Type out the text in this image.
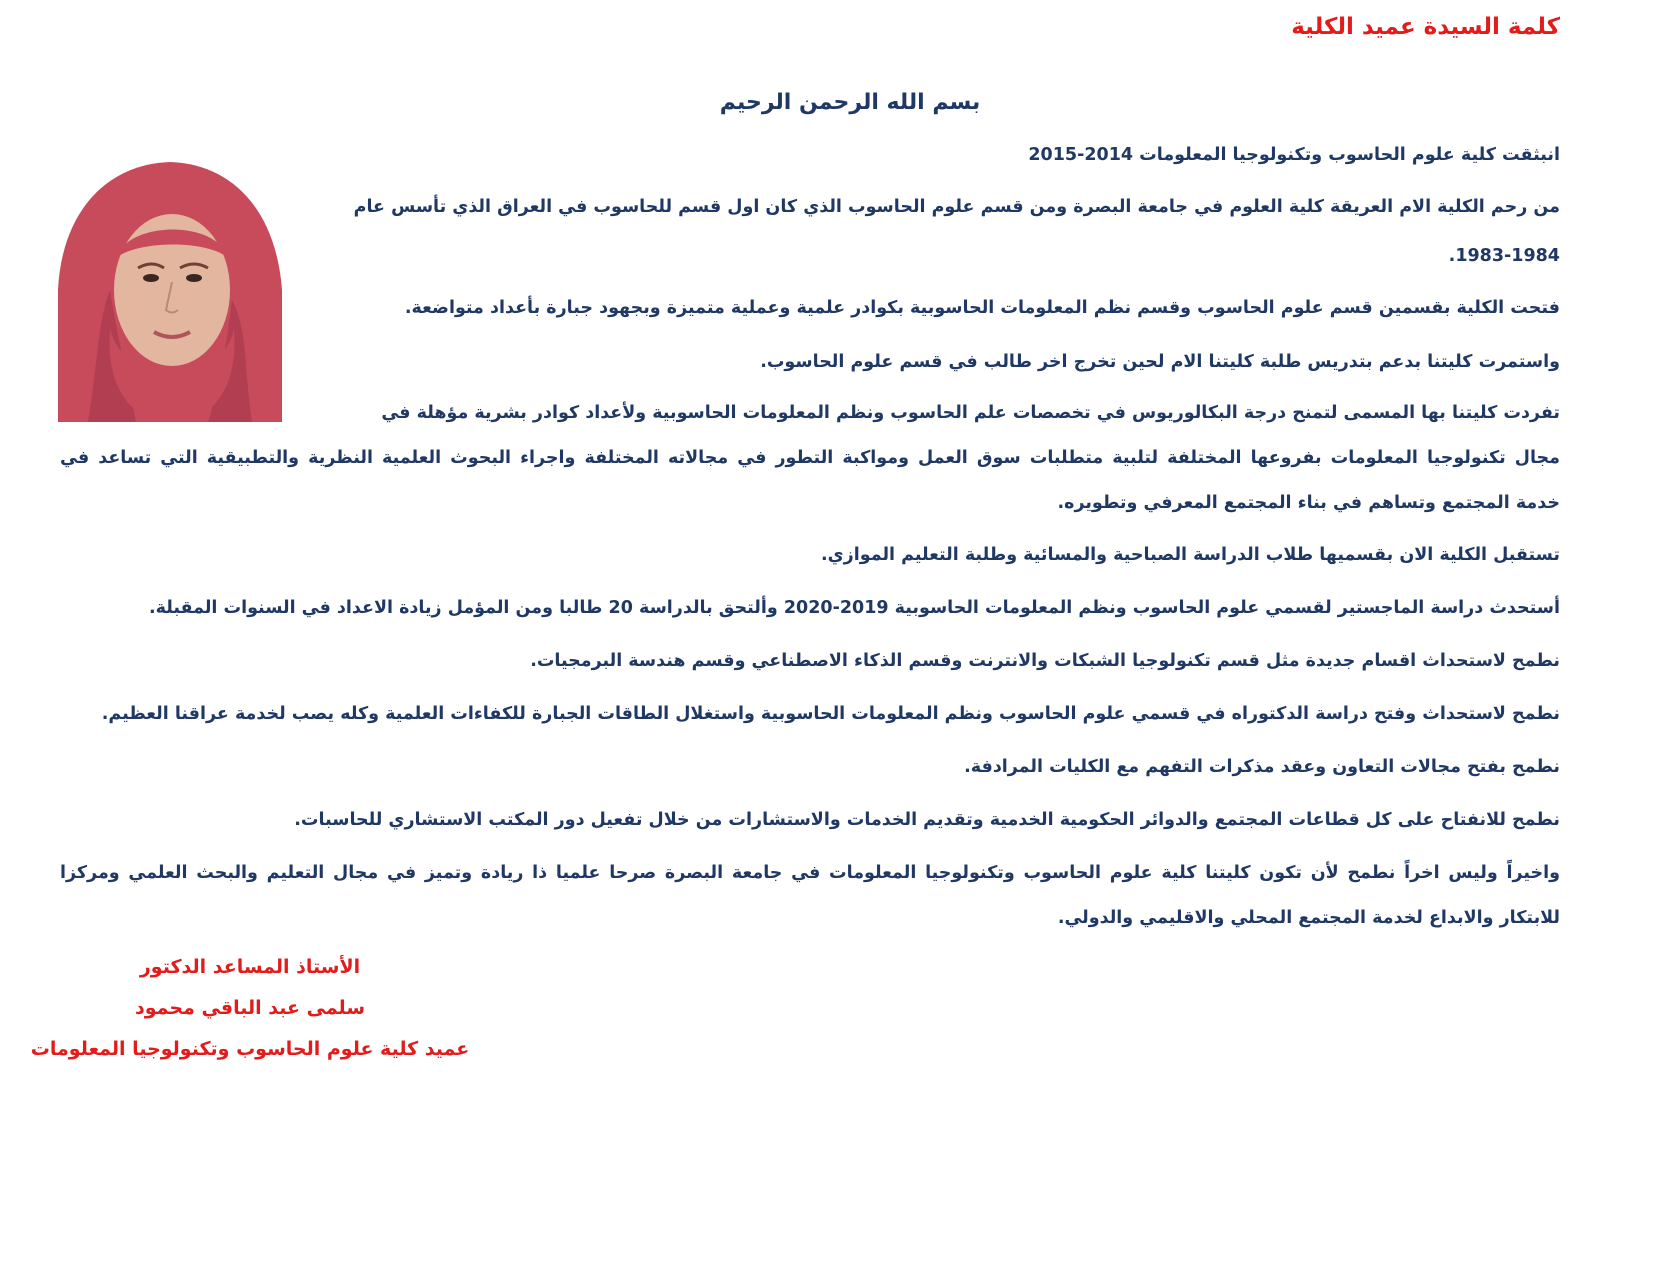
كلمة السيدة عميد الكلية

بسم الله الرحمن الرحيم

انبثقت كلية علوم الحاسوب وتكنولوجيا المعلومات 2014-2015

من رحم الكلية الام العريقة كلية العلوم في جامعة البصرة ومن قسم علوم الحاسوب الذي كان اول قسم للحاسوب في العراق الذي تأسس عام

1983-1984.

فتحت الكلية بقسمين قسم علوم الحاسوب وقسم نظم المعلومات الحاسوبية بكوادر علمية وعملية متميزة وبجهود جبارة بأعداد متواضعة.

واستمرت كليتنا بدعم بتدريس طلبة كليتنا الام لحين تخرج اخر طالب في قسم علوم الحاسوب.

تفردت كليتنا بها المسمى لتمنح درجة البكالوريوس في تخصصات علم الحاسوب ونظم المعلومات الحاسوبية ولأعداد كوادر بشرية مؤهلة في

مجال تكنولوجيا المعلومات بفروعها المختلفة لتلبية متطلبات سوق العمل ومواكبة التطور في مجالاته المختلفة واجراء البحوث العلمية النظرية والتطبيقية التي تساعد في

خدمة المجتمع وتساهم في بناء المجتمع المعرفي وتطويره.

تستقبل الكلية الان بقسميها طلاب الدراسة الصباحية والمسائية وطلبة التعليم الموازي.

أستحدث دراسة الماجستير لقسمي علوم الحاسوب ونظم المعلومات الحاسوبية 2019-2020 وألتحق بالدراسة 20 طالبا ومن المؤمل زيادة الاعداد في السنوات المقبلة.

نطمح لاستحداث اقسام جديدة مثل قسم تكنولوجيا الشبكات والانترنت وقسم الذكاء الاصطناعي وقسم هندسة البرمجيات.

نطمح لاستحداث وفتح دراسة الدكتوراه في قسمي علوم الحاسوب ونظم المعلومات الحاسوبية واستغلال الطاقات الجبارة للكفاءات العلمية وكله يصب لخدمة عراقنا العظيم.

نطمح بفتح مجالات التعاون وعقد مذكرات التفهم مع الكليات المرادفة.

نطمح للانفتاح على كل قطاعات المجتمع والدوائر الحكومية الخدمية وتقديم الخدمات والاستشارات من خلال تفعيل دور المكتب الاستشاري للحاسبات.

واخيراً وليس اخراً نطمح لأن تكون كليتنا كلية علوم الحاسوب وتكنولوجيا المعلومات في جامعة البصرة صرحا علميا ذا ريادة وتميز في مجال التعليم والبحث العلمي ومركزا

للابتكار والابداع لخدمة المجتمع المحلي والاقليمي والدولي.

الأستاذ المساعد الدكتور

سلمى عبد الباقي محمود

عميد كلية علوم الحاسوب وتكنولوجيا المعلومات
